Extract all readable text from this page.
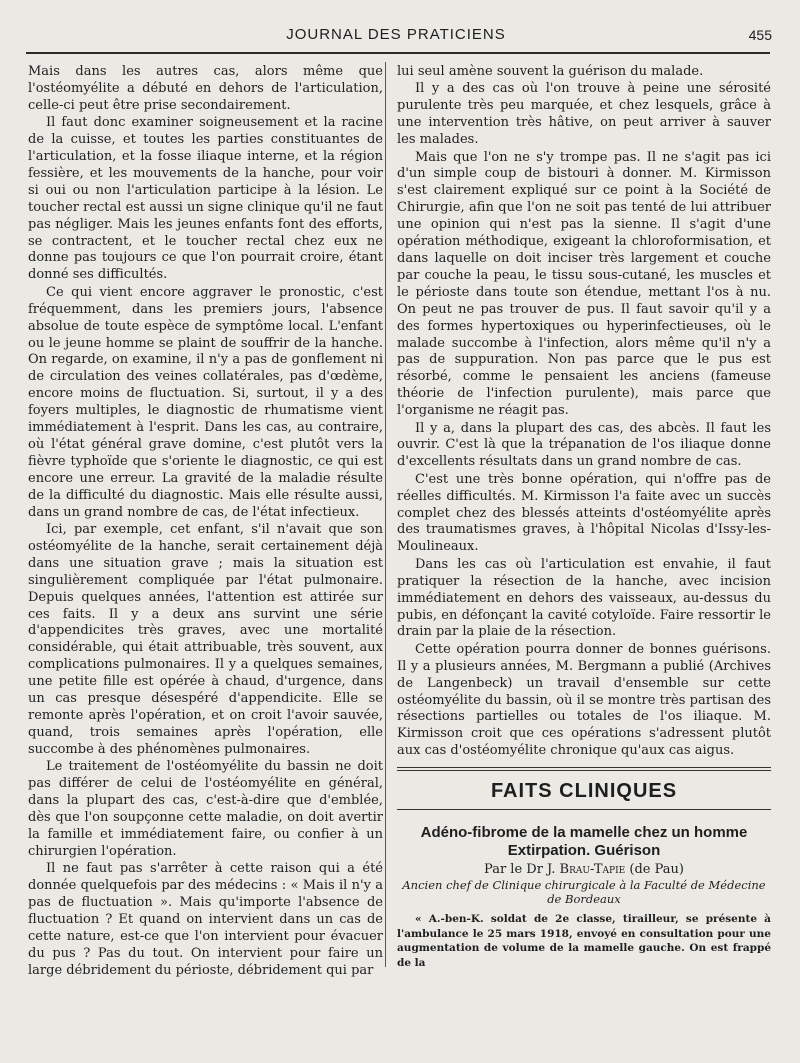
JOURNAL DES PRATICIENS	455

Mais dans les autres cas, alors même que l'ostéomyélite a débuté en dehors de l'articulation, celle-ci peut être prise secondairement.

Il faut donc examiner soigneusement et la racine de la cuisse, et toutes les parties constituantes de l'articulation, et la fosse iliaque interne, et la région fessière, et les mouvements de la hanche, pour voir si oui ou non l'articulation participe à la lésion. Le toucher rectal est aussi un signe clinique qu'il ne faut pas négliger. Mais les jeunes enfants font des efforts, se contractent, et le toucher rectal chez eux ne donne pas toujours ce que l'on pourrait croire, étant donné ses difficultés.

Ce qui vient encore aggraver le pronostic, c'est fréquemment, dans les premiers jours, l'absence absolue de toute espèce de symptôme local. L'enfant ou le jeune homme se plaint de souffrir de la hanche. On regarde, on examine, il n'y a pas de gonflement ni de circulation des veines collatérales, pas d'œdème, encore moins de fluctuation. Si, surtout, il y a des foyers multiples, le diagnostic de rhumatisme vient immédiatement à l'esprit. Dans les cas, au contraire, où l'état général grave domine, c'est plutôt vers la fièvre typhoïde que s'oriente le diagnostic, ce qui est encore une erreur. La gravité de la maladie résulte de la difficulté du diagnostic. Mais elle résulte aussi, dans un grand nombre de cas, de l'état infectieux.

Ici, par exemple, cet enfant, s'il n'avait que son ostéomyélite de la hanche, serait certainement déjà dans une situation grave ; mais la situation est singulièrement compliquée par l'état pulmonaire. Depuis quelques années, l'attention est attirée sur ces faits. Il y a deux ans survint une série d'appendicites très graves, avec une mortalité considérable, qui était attribuable, très souvent, aux complications pulmonaires. Il y a quelques semaines, une petite fille est opérée à chaud, d'urgence, dans un cas presque désespéré d'appendicite. Elle se remonte après l'opération, et on croit l'avoir sauvée, quand, trois semaines après l'opération, elle succombe à des phénomènes pulmonaires.

Le traitement de l'ostéomyélite du bassin ne doit pas différer de celui de l'ostéomyélite en général, dans la plupart des cas, c'est-à-dire que d'emblée, dès que l'on soupçonne cette maladie, on doit avertir la famille et immédiatement faire, ou confier à un chirurgien l'opération.

Il ne faut pas s'arrêter à cette raison qui a été donnée quelquefois par des médecins : « Mais il n'y a pas de fluctuation ». Mais qu'importe l'absence de fluctuation ? Et quand on intervient dans un cas de cette nature, est-ce que l'on intervient pour évacuer du pus ? Pas du tout. On intervient pour faire un large débridement du périoste, débridement qui par

lui seul amène souvent la guérison du malade.

Il y a des cas où l'on trouve à peine une sérosité purulente très peu marquée, et chez lesquels, grâce à une intervention très hâtive, on peut arriver à sauver les malades.

Mais que l'on ne s'y trompe pas. Il ne s'agit pas ici d'un simple coup de bistouri à donner. M. Kirmisson s'est clairement expliqué sur ce point à la Société de Chirurgie, afin que l'on ne soit pas tenté de lui attribuer une opinion qui n'est pas la sienne. Il s'agit d'une opération méthodique, exigeant la chloroformisation, et dans laquelle on doit inciser très largement et couche par couche la peau, le tissu sous-cutané, les muscles et le périoste dans toute son étendue, mettant l'os à nu. On peut ne pas trouver de pus. Il faut savoir qu'il y a des formes hypertoxiques ou hyperinfectieuses, où le malade succombe à l'infection, alors même qu'il n'y a pas de suppuration. Non pas parce que le pus est résorbé, comme le pensaient les anciens (fameuse théorie de l'infection purulente), mais parce que l'organisme ne réagit pas.

Il y a, dans la plupart des cas, des abcès. Il faut les ouvrir. C'est là que la trépanation de l'os iliaque donne d'excellents résultats dans un grand nombre de cas.

C'est une très bonne opération, qui n'offre pas de réelles difficultés. M. Kirmisson l'a faite avec un succès complet chez des blessés atteints d'ostéomyélite après des traumatismes graves, à l'hôpital Nicolas d'Issy-les-Moulineaux.

Dans les cas où l'articulation est envahie, il faut pratiquer la résection de la hanche, avec incision immédiatement en dehors des vaisseaux, au-dessus du pubis, en défonçant la cavité cotyloïde. Faire ressortir le drain par la plaie de la résection.

Cette opération pourra donner de bonnes guérisons. Il y a plusieurs années, M. Bergmann a publié (Archives de Langenbeck) un travail d'ensemble sur cette ostéomyélite du bassin, où il se montre très partisan des résections partielles ou totales de l'os iliaque. M. Kirmisson croit que ces opérations s'adressent plutôt aux cas d'ostéomyélite chronique qu'aux cas aigus.

FAITS CLINIQUES
Adéno-fibrome de la mamelle chez un homme
Extirpation. Guérison
Par le Dr J. Brau-Tapie (de Pau)
Ancien chef de Clinique chirurgicale à la Faculté de Médecine de Bordeaux

« A.-ben-K. soldat de 2e classe, tirailleur, se présente à l'ambulance le 25 mars 1918, envoyé en consultation pour une augmentation de volume de la mamelle gauche. On est frappé de la
